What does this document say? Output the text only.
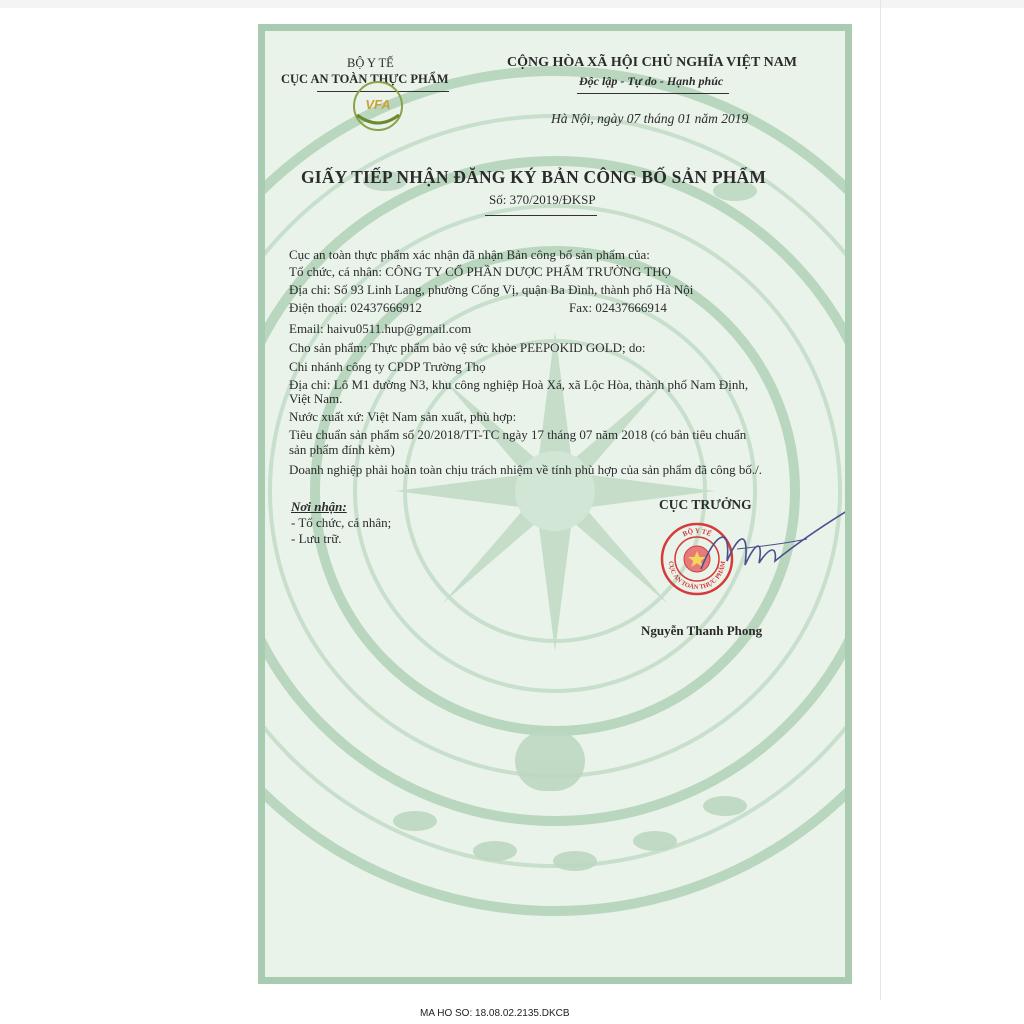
BỘ Y TẾ
CỤC AN TOÀN THỰC PHẨM
VFA
CỘNG HÒA XÃ HỘI CHỦ NGHĨA VIỆT NAM
Độc lập - Tự do - Hạnh phúc
Hà Nội, ngày 07 tháng 01 năm 2019
GIẤY TIẾP NHẬN ĐĂNG KÝ BẢN CÔNG BỐ SẢN PHẨM
Số: 370/2019/ĐKSP
Cục an toàn thực phẩm xác nhận đã nhận Bản công bố sản phẩm của:
Tổ chức, cá nhân: CÔNG TY CỔ PHẦN DƯỢC PHẨM TRƯỜNG THỌ
Địa chỉ: Số 93 Linh Lang, phường Cống Vị, quận Ba Đình, thành phố Hà Nội
Điện thoại: 02437666912	Fax: 02437666914
Email: haivu0511.hup@gmail.com
Cho sản phẩm: Thực phẩm bảo vệ sức khỏe PEEPOKID GOLD; do:
Chi nhánh công ty CPDP Trường Thọ
Địa chỉ: Lô M1 đường N3, khu công nghiệp Hoà Xá, xã Lộc Hòa, thành phố Nam Định,
Việt Nam.
Nước xuất xứ: Việt Nam sản xuất, phù hợp:
Tiêu chuẩn sản phẩm số 20/2018/TT-TC ngày 17 tháng 07 năm 2018 (có bản tiêu chuẩn
sản phẩm đính kèm)
Doanh nghiệp phải hoàn toàn chịu trách nhiệm về tính phù hợp của sản phẩm đã công bố./.
Nơi nhận:
- Tổ chức, cá nhân;
- Lưu trữ.
CỤC TRƯỞNG
BỘ Y TẾ
CỤC AN TOÀN THỰC PHẨM
Nguyễn Thanh Phong
MA HO SO: 18.08.02.2135.DKCB
